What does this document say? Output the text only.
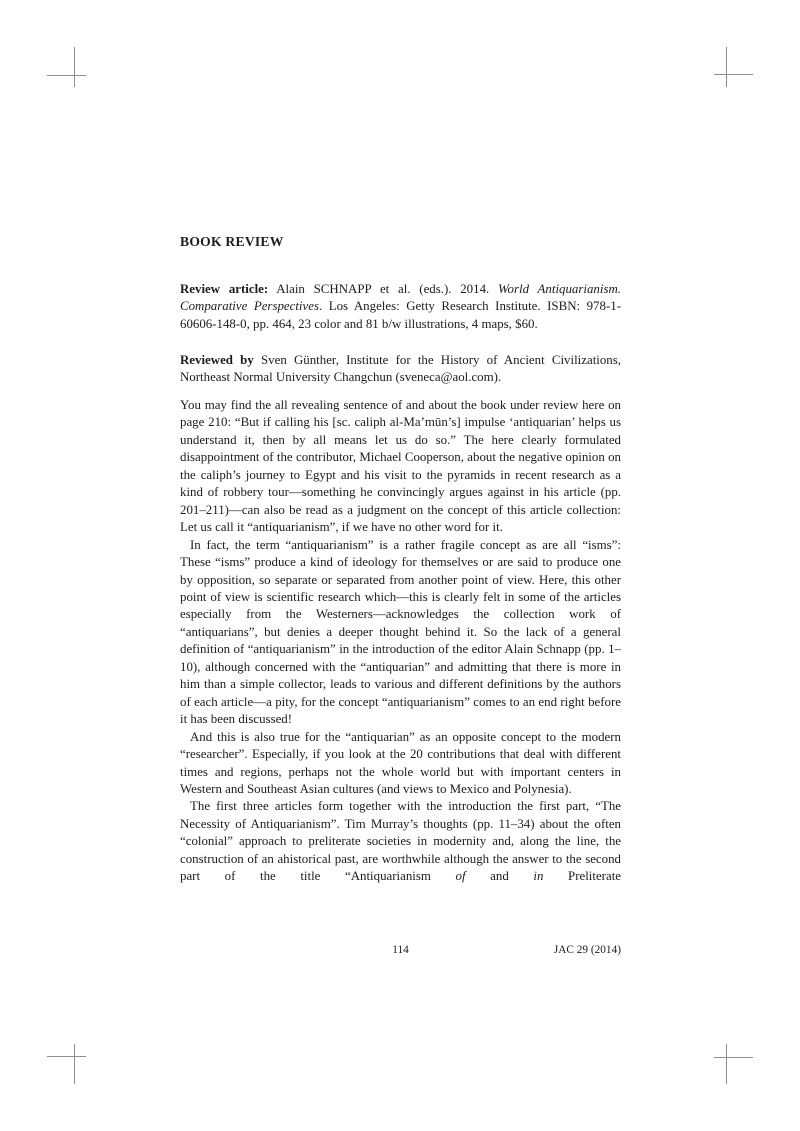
BOOK REVIEW
Review article: Alain SCHNAPP et al. (eds.). 2014. World Antiquarianism. Comparative Perspectives. Los Angeles: Getty Research Institute. ISBN: 978-1-60606-148-0, pp. 464, 23 color and 81 b/w illustrations, 4 maps, $60.
Reviewed by Sven Günther, Institute for the History of Ancient Civilizations, Northeast Normal University Changchun (sveneca@aol.com).

You may find the all revealing sentence of and about the book under review here on page 210: “But if calling his [sc. caliph al-Ma’mūn’s] impulse ‘antiquarian’ helps us understand it, then by all means let us do so.” The here clearly formulated disappointment of the contributor, Michael Cooperson, about the negative opinion on the caliph’s journey to Egypt and his visit to the pyramids in recent research as a kind of robbery tour—something he convincingly argues against in his article (pp. 201–211)—can also be read as a judgment on the concept of this article collection: Let us call it “antiquarianism”, if we have no other word for it.

In fact, the term “antiquarianism” is a rather fragile concept as are all “isms”: These “isms” produce a kind of ideology for themselves or are said to produce one by opposition, so separate or separated from another point of view. Here, this other point of view is scientific research which—this is clearly felt in some of the articles especially from the Westerners—acknowledges the collection work of “antiquarians”, but denies a deeper thought behind it. So the lack of a general definition of “antiquarianism” in the introduction of the editor Alain Schnapp (pp. 1–10), although concerned with the “antiquarian” and admitting that there is more in him than a simple collector, leads to various and different definitions by the authors of each article—a pity, for the concept “antiquarianism” comes to an end right before it has been discussed!

And this is also true for the “antiquarian” as an opposite concept to the modern “researcher”. Especially, if you look at the 20 contributions that deal with different times and regions, perhaps not the whole world but with important centers in Western and Southeast Asian cultures (and views to Mexico and Polynesia).

The first three articles form together with the introduction the first part, “The Necessity of Antiquarianism”. Tim Murray’s thoughts (pp. 11–34) about the often “colonial” approach to preliterate societies in modernity and, along the line, the construction of an ahistorical past, are worthwhile although the answer to the second part of the title “Antiquarianism of and in Preliterate

114	JAC 29 (2014)
